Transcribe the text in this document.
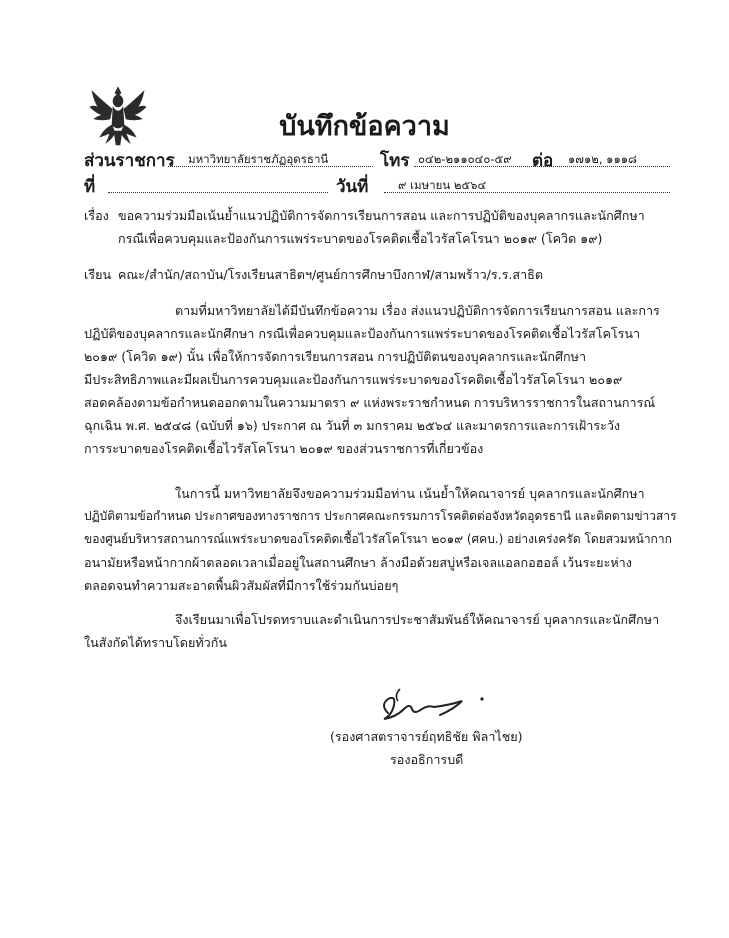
บันทึกข้อความ
ส่วนราชการ มหาวิทยาลัยราชภัฏอุดรธานี	โทร ๐๔๒-๒๑๑๐๔๐-๕๙ ต่อ ๑๗๑๒, ๑๑๑๘
ที่	วันที่	๙ เมษายน ๒๕๖๔
เรื่อง ขอความร่วมมือเน้นย้ำแนวปฏิบัติการจัดการเรียนการสอน และการปฏิบัติของบุคลากรและนักศึกษา
กรณีเพื่อควบคุมและป้องกันการแพร่ระบาดของโรคติดเชื้อไวรัสโคโรนา ๒๐๑๙ (โควิด ๑๙)
เรียน คณะ/สำนัก/สถาบัน/โรงเรียนสาธิตฯ/ศูนย์การศึกษาบึงกาฬ/สามพร้าว/ร.ร.สาธิต
ตามที่มหาวิทยาลัยได้มีบันทึกข้อความ เรื่อง ส่งแนวปฏิบัติการจัดการเรียนการสอน และการ
ปฏิบัติของบุคลากรและนักศึกษา กรณีเพื่อควบคุมและป้องกันการแพร่ระบาดของโรคติดเชื้อไวรัสโคโรนา
๒๐๑๙ (โควิด ๑๙) นั้น เพื่อให้การจัดการเรียนการสอน การปฏิบัติตนของบุคลากรและนักศึกษา
มีประสิทธิภาพและมีผลเป็นการควบคุมและป้องกันการแพร่ระบาดของโรคติดเชื้อไวรัสโคโรนา ๒๐๑๙
สอดคล้องตามข้อกำหนดออกตามในความมาตรา ๙ แห่งพระราชกำหนด การบริหารราชการในสถานการณ์
ฉุกเฉิน พ.ศ. ๒๕๔๘ (ฉบับที่ ๑๖) ประกาศ ณ วันที่ ๓ มกราคม ๒๕๖๔ และมาตรการและการเฝ้าระวัง
การระบาดของโรคติดเชื้อไวรัสโคโรนา ๒๐๑๙ ของส่วนราชการที่เกี่ยวข้อง
ในการนี้ มหาวิทยาลัยจึงขอความร่วมมือท่าน เน้นย้ำให้คณาจารย์ บุคลากรและนักศึกษา
ปฏิบัติตามข้อกำหนด ประกาศของทางราชการ ประกาศคณะกรรมการโรคติดต่อจังหวัดอุดรธานี และติดตามข่าวสาร
ของศูนย์บริหารสถานการณ์แพร่ระบาดของโรคติดเชื้อไวรัสโคโรนา ๒๐๑๙ (ศคบ.) อย่างเคร่งครัด โดยสวมหน้ากาก
อนามัยหรือหน้ากากผ้าตลอดเวลาเมื่ออยู่ในสถานศึกษา ล้างมือด้วยสบู่หรือเจลแอลกอฮอล์ เว้นระยะห่าง
ตลอดจนทำความสะอาดพื้นผิวสัมผัสที่มีการใช้ร่วมกันบ่อยๆ
จึงเรียนมาเพื่อโปรดทราบและดำเนินการประชาสัมพันธ์ให้คณาจารย์ บุคลากรและนักศึกษา
ในสังกัดได้ทราบโดยทั่วกัน
(รองศาสตราจารย์ฤทธิชัย พิลาไชย)
รองอธิการบดี
